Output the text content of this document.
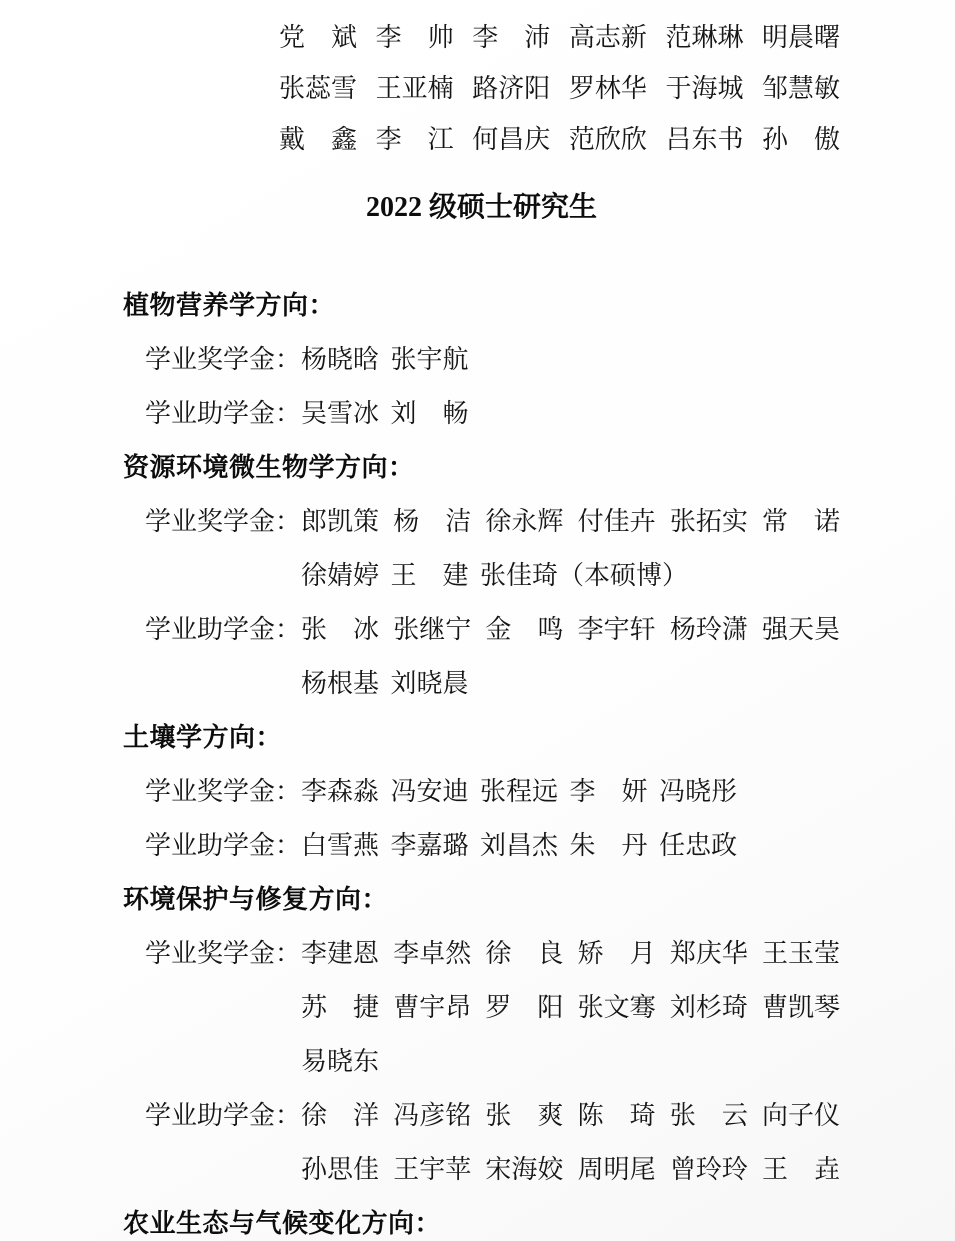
党　斌 李　帅 李　沛 高志新 范琳琳 明晨曙
张蕊雪 王亚楠 路济阳 罗林华 于海城 邹慧敏
戴　鑫 李　江 何昌庆 范欣欣 吕东书 孙　傲
2022 级硕士研究生
植物营养学方向：
学业奖学金： 杨晓晗 张宇航
学业助学金： 吴雪冰 刘　畅
资源环境微生物学方向：
学业奖学金： 郎凯策 杨　洁 徐永辉 付佳卉 张拓实 常　诺
徐婧婷 王　建 张佳琦（本硕博）
学业助学金： 张　冰 张继宁 金　鸣 李宇轩 杨玲潇 强天昊
杨根基 刘晓晨
土壤学方向：
学业奖学金： 李森淼 冯安迪 张程远 李　妍 冯晓彤
学业助学金： 白雪燕 李嘉璐 刘昌杰 朱　丹 任忠政
环境保护与修复方向：
学业奖学金： 李建恩 李卓然 徐　良 矫　月 郑庆华 王玉莹
苏　捷 曹宇昂 罗　阳 张文骞 刘杉琦 曹凯琴
易晓东
学业助学金： 徐　洋 冯彦铭 张　爽 陈　琦 张　云 向子仪
孙思佳 王宇苹 宋海姣 周明尾 曾玲玲 王　垚
农业生态与气候变化方向：
